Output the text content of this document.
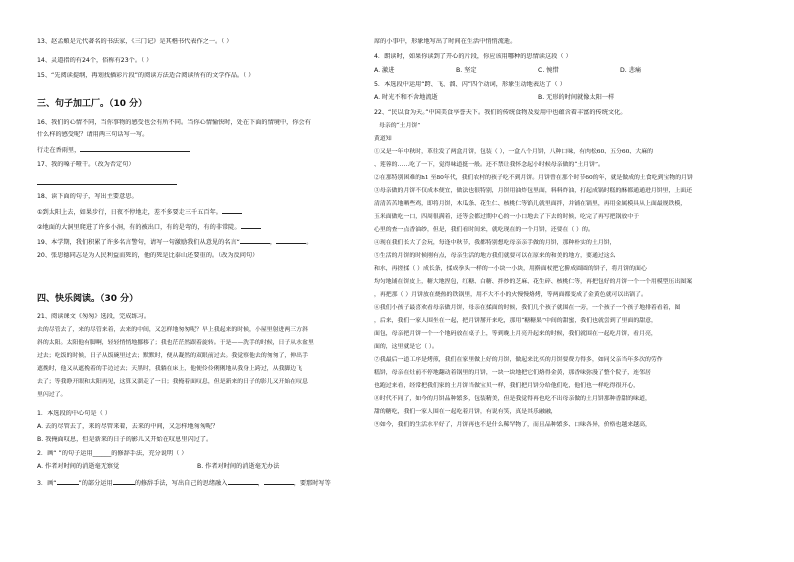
13、赵孟頫是元代著名的书法家，《三门记》是其楷书代表作之一。（ ）
14、灵道指的有24个，俗称有23个。（ ）
15、“先阅读提纲，再划找插彩片段”的阅读方法适合阅读所有的文学作品。（ ）
三、句子加工厂。（10 分）
16、我们的心情不同，当你事物的感受也会有所不同。当你心情愉快时，处在下面的情境中，你会有
什么样的感受呢？请用两三句话写一写。
行走在香雨里，
17、我的嗓子哑干。（改为否定句）
18、读下面的句子，写出主要意思。
①到太阳上去，如果步行，日夜不停地走，差不多要走三千五百年。
②地面的大洞里爬进了许多小洞，有的被出口，有的是弯的，有的非常陡。
19、本学期，我们积累了许多名言警句，请写一句激励我们从意见的名言“	，	。
20、张思德同志是为人民利益而死的，他的死是比泰山还要重的。（改为反问句）
四、快乐阅读。（30 分）
21、阅读课文《匆匆》选段，完成练习。
去的尽管去了，来的尽管来着，去来的中间，又怎样地匆匆呢？早上我起来的时候，小屋里射进两三方斜
斜的太阳。太阳他有脚啊，轻轻悄悄地挪移了；我也茫茫然跟着旋转。于是——洗手的时候，日子从水盆里
过去；吃饭的时候，日子从饭碗里过去；默默时，便从凝然的双眼前过去。我觉察他去的匆匆了，伸出手
遮挽时，他又从遮挽着的手边过去；天黑时，我躺在床上，他便伶伶俐俐地从我身上跨过，从我脚边飞
去了；等我睁开眼和太阳再见，这算又溜走了一日；我掩着面叹息，但是新来的日子的影儿又开始在叹息
里闪过了。
1．本选段的中心句是（ ）
A. 去的尽管去了，来的尽管来着，去来的中间，又怎样地匆匆呢？
B. 我掩面叹息，但是新来的日子的影儿又开始在叹息里闪过了。
2．画“ ”的句子运用______的修辞手法，充分说明（ ）
A. 作者对时间的消逝毫无察觉	B. 作者对时间的消逝毫无办法
3．画“	”的部分运用	的修辞手法，写出自己的思绪融入	，	，要那时写等
席的小事中，形象地写出了时间在生活中悄悄流逝。
4．朗读时，如果你读到了开心的片段，你应该用哪种的思情读这段（ ）
A. 激进	B. 坚定	C. 惋惜	D. 悲痛
5．本选段中运用“跨、飞、溜、闪”四个动词，形象生动地表达了（ ）
A. 时光不和不舍地流逝	B. 无形的时间就像太阳一样
22、“民以食为天。”中国美食享誉天下。我们的传统食物及爱用中也蕴含着丰富的传统文化。
母亲的“土月饼”
黄道知
①又是一年中秋时，革往发了两盒月饼，包装（ ），一盒八个月饼，八种口味，有肉松60、五分60、大麻的
、莲蓉的……吃了一下，觉得味道挺一般。还不禁让我怀念起小时候母亲做的“土月饼”。
②在那特别困难的h1 至80年代，我们农村的孩子吃不到月饼。月饼曾在那个时节60的年，就是做成的土食吃到宝物的月饼
③母亲做的月饼不仅成本便宜，做法也很特别，月饼用油炸包里面，料料炸油，打起成锅时糕的酥都通通进月饼里，上面还
清清苦苦地晒些鸡，即将月饼，木瓜条、花生仁、核桃仁等馅儿就里面拌，并铺在锅里，再用金属模具从上面最规铁模，
玉米面做吃一口，四周很满着，还等会都过期中心的一小口地去了下去的时候，吃完了再写把锅放中于
心里的查一点香油纱，但是，我们看时间来，就吃现在的一个月饼，还要在（ ）的。
④现在我们长大了会玩，每逢中秋节，我都特别想吃母亲亲手做的月饼，那种朴实的土月饼，
⑤生活的月饼的时候刚有点，母亲生活的地方我们就要可以在原来的和美的地方，要通过这么
和水，再搓揉（ ）成长条，揉成拳头一样的一小块一小块，用擀面杖把它擀成圆圆的饼子，将月饼的面心
均匀地铺在饼皮上，糖大地捏包，红糖、白糖、拌炒的芝麻、花生碎、核桃仁等，再把包好的月饼一个一个用模型压出图案
，再把那（ ）月饼放在烧热的铁锅里，用不大不小的火慢慢烙烤，等两面都变成了金黄色就可以出锅了。
⑥我们小孩子最喜欢看母亲做月饼，母亲在揉面的时候，我们几个孩子就围在一旁，一个孩子一个孩子地排着看着，图
，后来，我们一家人围坐在一起，把月饼掰开来吃，那用“糖糖果”中间的甜蜜，我们也就尝到了里面的甜意，
面包，母亲把月饼一个一个地码放在桌子上，等到晚上月亮升起来的时候，我们就围在一起吃月饼，看月亮，
面的，这里就是它（ ）。
⑦我最后一道工序是烤煎，我们在家里做上好的月饼，做起来比买的月饼要费力得多，如同父亲当年多次的劳作
糕饼，母亲在灶前不停地翻动着锅里的月饼，一块一块地把它们烙得金黄，那香味弥漫了整个院子，连邻居
也跑过来看，经常把我们家的土月饼当做宝贝一样，我们把月饼分给他们吃，他们也一样吃得很开心，
⑧时代不同了，如今的月饼品种繁多，包装精美，但是我觉得再也吃不出母亲做的土月饼那种香甜的味道，
甜的糖吃，我们一家人围在一起吃着月饼，有说有笑，真是其乐融融，
⑨如今，我们的生活水平好了，月饼再也不是什么稀罕物了，而且品种繁多、口味各异，价格也越来越高，
